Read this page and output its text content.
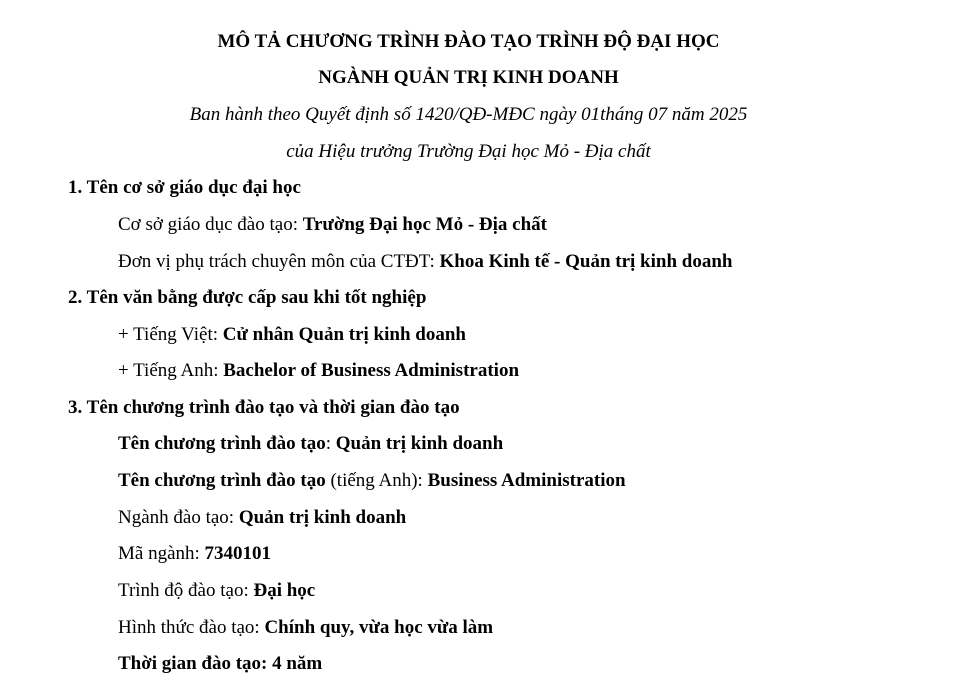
MÔ TẢ CHƯƠNG TRÌNH ĐÀO TẠO TRÌNH ĐỘ ĐẠI HỌC
NGÀNH QUẢN TRỊ KINH DOANH
Ban hành theo Quyết định số 1420/QĐ-MĐC ngày 01tháng 07 năm 2025
của Hiệu trưởng Trường Đại học Mỏ - Địa chất
1. Tên cơ sở giáo dục đại học
Cơ sở giáo dục đào tạo: Trường Đại học Mỏ - Địa chất
Đơn vị phụ trách chuyên môn của CTĐT: Khoa Kinh tế - Quản trị kinh doanh
2. Tên văn bằng được cấp sau khi tốt nghiệp
+ Tiếng Việt: Cử nhân Quản trị kinh doanh
+ Tiếng Anh: Bachelor of Business Administration
3. Tên chương trình đào tạo và thời gian đào tạo
Tên chương trình đào tạo: Quản trị kinh doanh
Tên chương trình đào tạo (tiếng Anh): Business Administration
Ngành đào tạo: Quản trị kinh doanh
Mã ngành: 7340101
Trình độ đào tạo: Đại học
Hình thức đào tạo: Chính quy, vừa học vừa làm
Thời gian đào tạo: 4 năm
